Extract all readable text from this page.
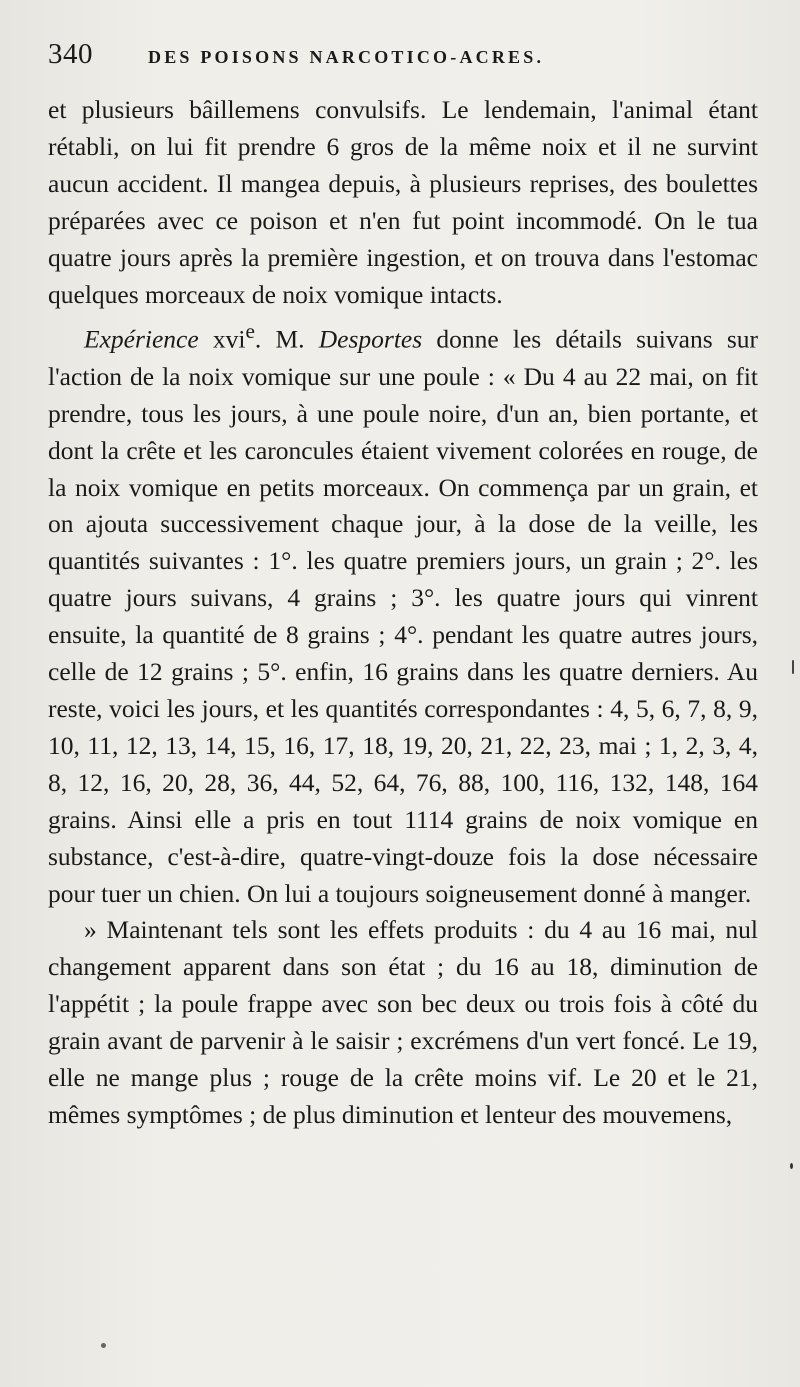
340	DES POISONS NARCOTICO-ACRES.

et plusieurs bâillemens convulsifs. Le lendemain, l'animal étant rétabli, on lui fit prendre 6 gros de la même noix et il ne survint aucun accident. Il mangea depuis, à plusieurs reprises, des boulettes préparées avec ce poison et n'en fut point incommodé. On le tua quatre jours après la première ingestion, et on trouva dans l'estomac quelques morceaux de noix vomique intacts.

Expérience xvi$^e$. M. Desportes donne les détails suivans sur l'action de la noix vomique sur une poule : « Du 4 au 22 mai, on fit prendre, tous les jours, à une poule noire, d'un an, bien portante, et dont la crête et les caroncules étaient vivement colorées en rouge, de la noix vomique en petits morceaux. On commença par un grain, et on ajouta successivement chaque jour, à la dose de la veille, les quantités suivantes : 1°. les quatre premiers jours, un grain ; 2°. les quatre jours suivans, 4 grains ; 3°. les quatre jours qui vinrent ensuite, la quantité de 8 grains ; 4°. pendant les quatre autres jours, celle de 12 grains ; 5°. enfin, 16 grains dans les quatre derniers. Au reste, voici les jours, et les quantités correspondantes : 4, 5, 6, 7, 8, 9, 10, 11, 12, 13, 14, 15, 16, 17, 18, 19, 20, 21, 22, 23, mai ; 1, 2, 3, 4, 8, 12, 16, 20, 28, 36, 44, 52, 64, 76, 88, 100, 116, 132, 148, 164 grains. Ainsi elle a pris en tout 1114 grains de noix vomique en substance, c'est-à-dire, quatre-vingt-douze fois la dose nécessaire pour tuer un chien. On lui a toujours soigneusement donné à manger.

» Maintenant tels sont les effets produits : du 4 au 16 mai, nul changement apparent dans son état ; du 16 au 18, diminution de l'appétit ; la poule frappe avec son bec deux ou trois fois à côté du grain avant de parvenir à le saisir ; excrémens d'un vert foncé. Le 19, elle ne mange plus ; rouge de la crête moins vif. Le 20 et le 21, mêmes symptômes ; de plus diminution et lenteur des mouvemens,
